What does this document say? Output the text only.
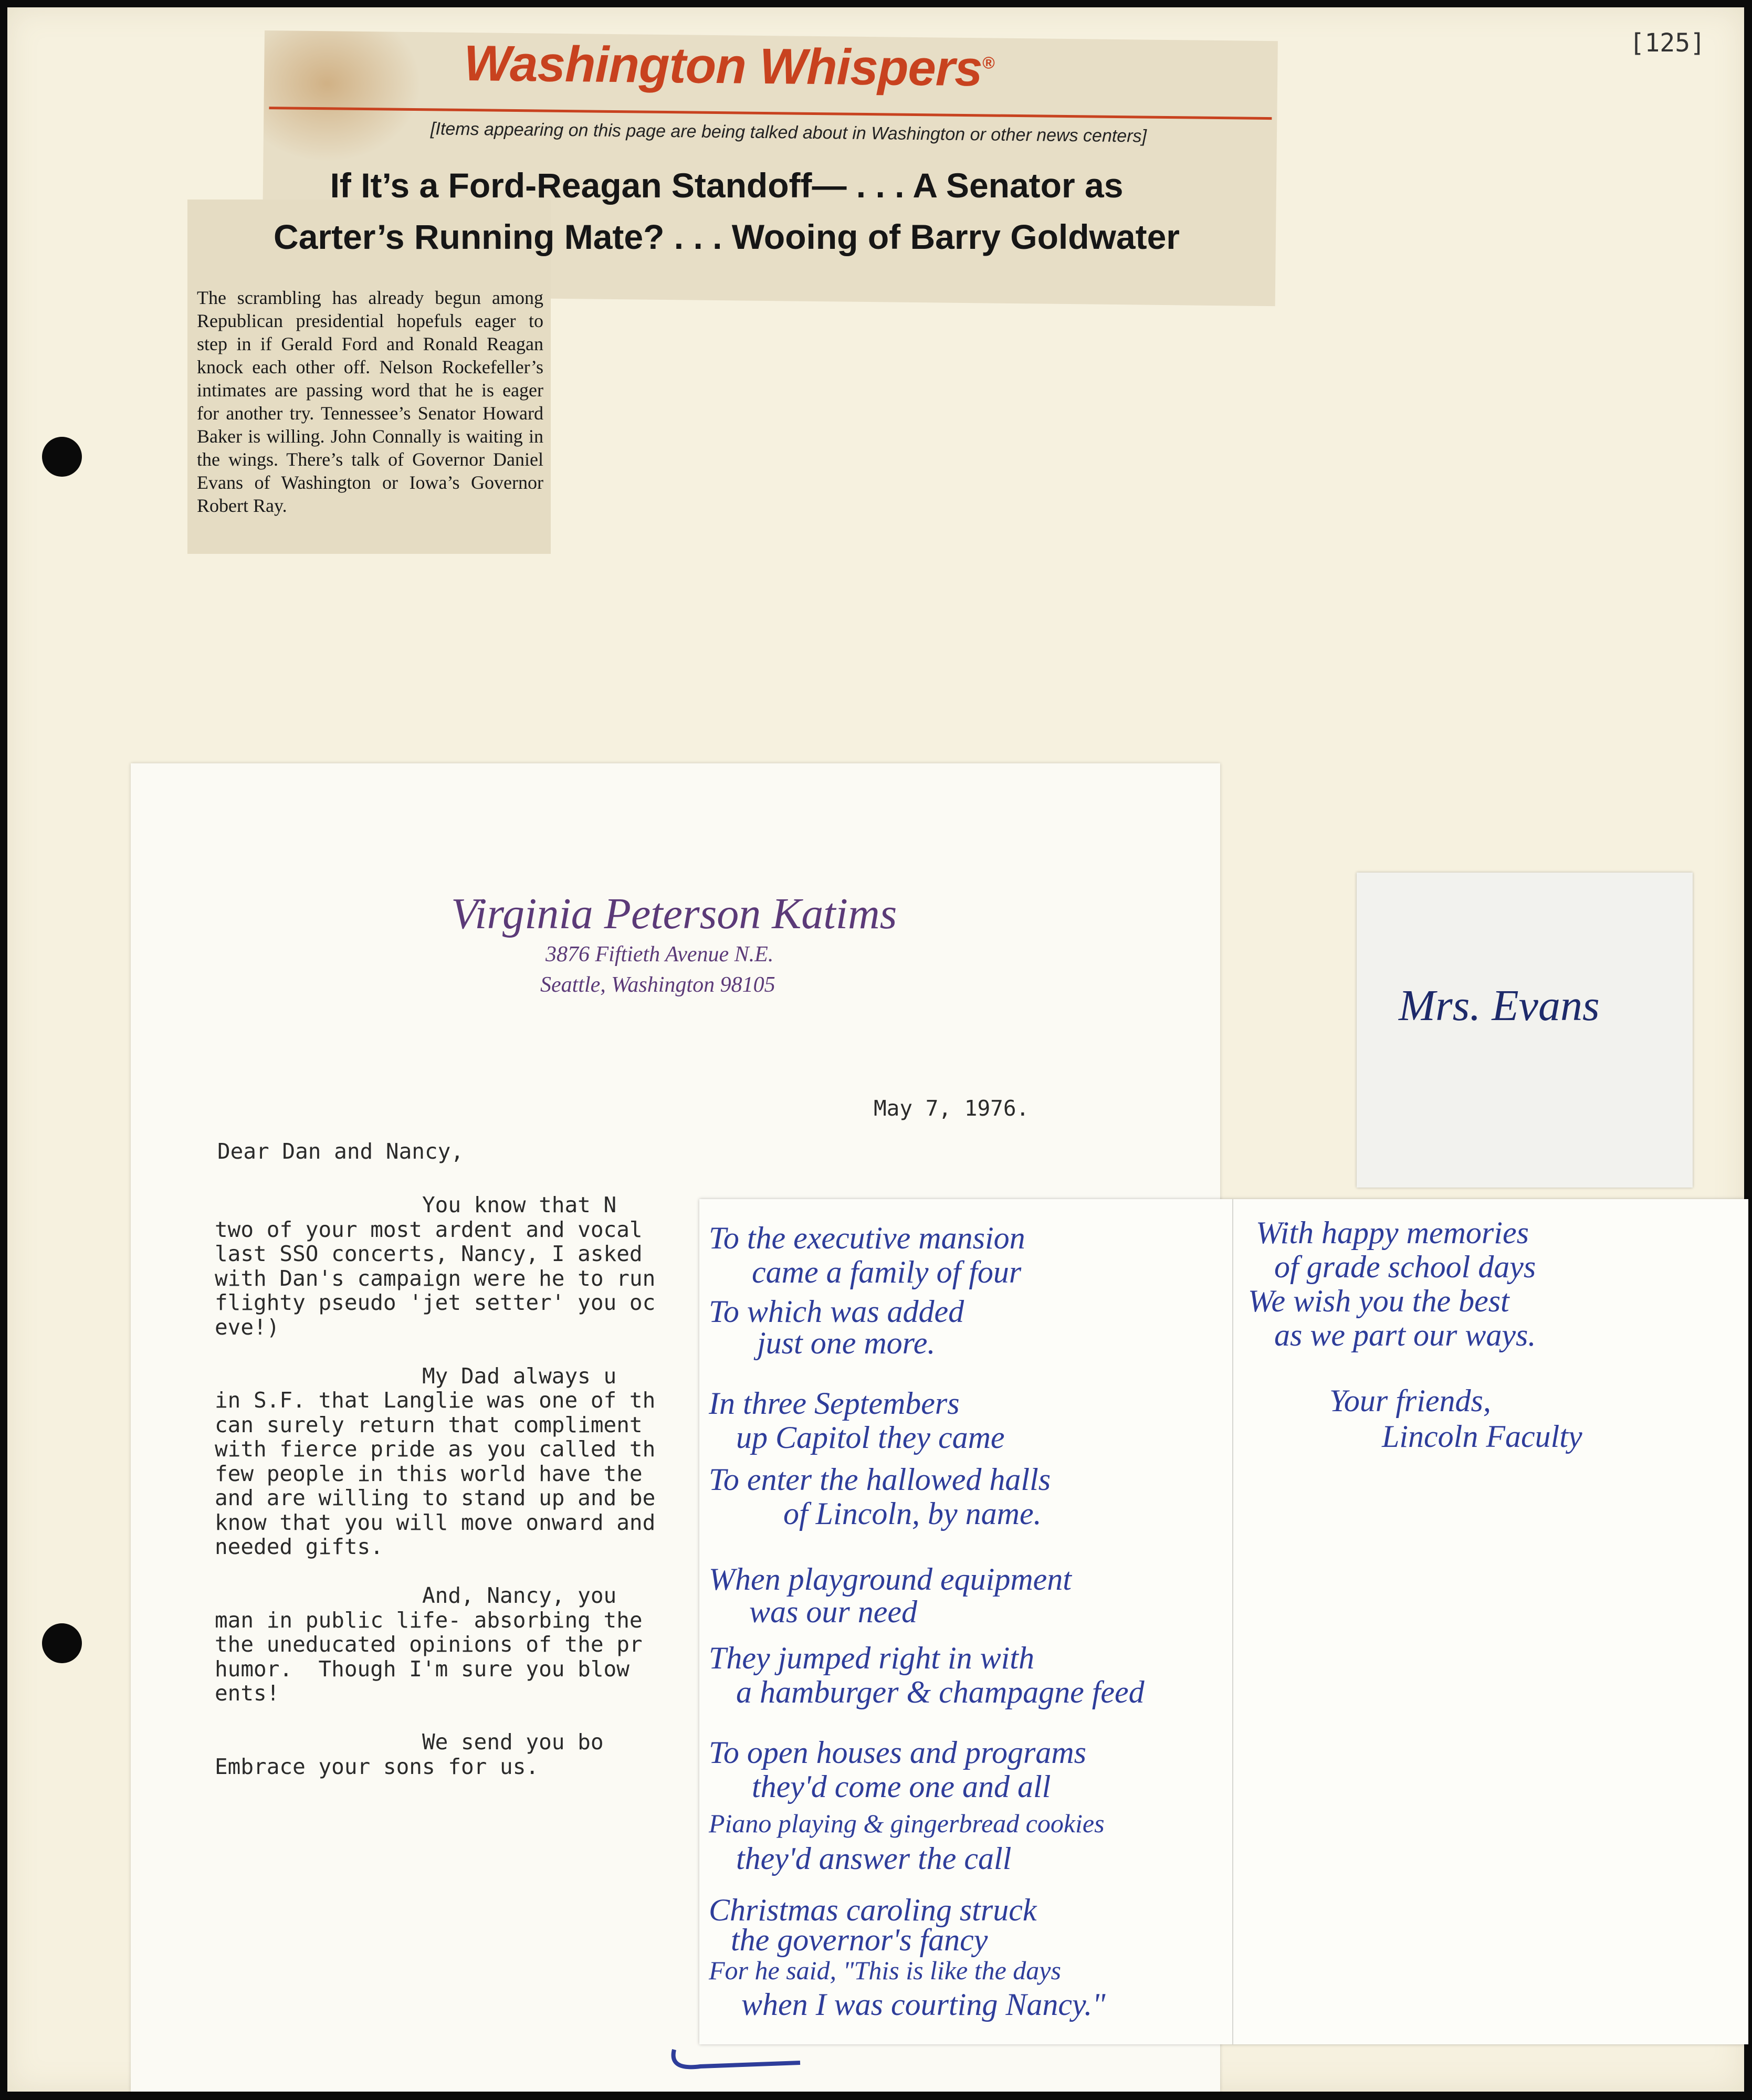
[125]
Washington Whispers®
[Items appearing on this page are being talked about in Washington or other news centers]

The scrambling has already begun among Republican presidential hopefuls eager to step in if Gerald Ford and Ronald Reagan knock each other off. Nelson Rockefeller’s intimates are passing word that he is eager for another try. Tennessee’s Senator Howard Baker is willing. John Connally is waiting in the wings. There’s talk of Governor Daniel Evans of Washington or Iowa’s Governor Robert Ray.

If It’s a Ford-Reagan Standoff— . . . A Senator as
Carter’s Running Mate? . . . Wooing of Barry Goldwater
Virginia Peterson Katims
3876 Fiftieth Avenue N.E.
Seattle, Washington 98105
May 7, 1976.
Dear Dan and Nancy,
You know that N
two of your most ardent and vocal
last SSO concerts, Nancy, I asked
with Dan's campaign were he to run
flighty pseudo 'jet setter' you oc
eve!)

My Dad always u
in S.F. that Langlie was one of th
can surely return that compliment
with fierce pride as you called th
few people in this world have the
and are willing to stand up and be
know that you will move onward and
needed gifts.

And, Nancy, you
man in public life- absorbing the
the uneducated opinions of the pr
humor.  Though I'm sure you blow
ents!

We send you bo
Embrace your sons for us.
Mrs. Evans
To the executive mansion
came a family of four
To which was added
just one more.
In three Septembers
up Capitol they came
To enter the hallowed halls
of Lincoln, by name.
When playground equipment
was our need
They jumped right in with
a hamburger & champagne feed
To open houses and programs
they'd come one and all
Piano playing & gingerbread cookies
they'd answer the call
Christmas caroling struck
the governor's fancy
For he said, "This is like the days
when I was courting Nancy."
With happy memories
of grade school days
We wish you the best
as we part our ways.
Your friends,
Lincoln Faculty
